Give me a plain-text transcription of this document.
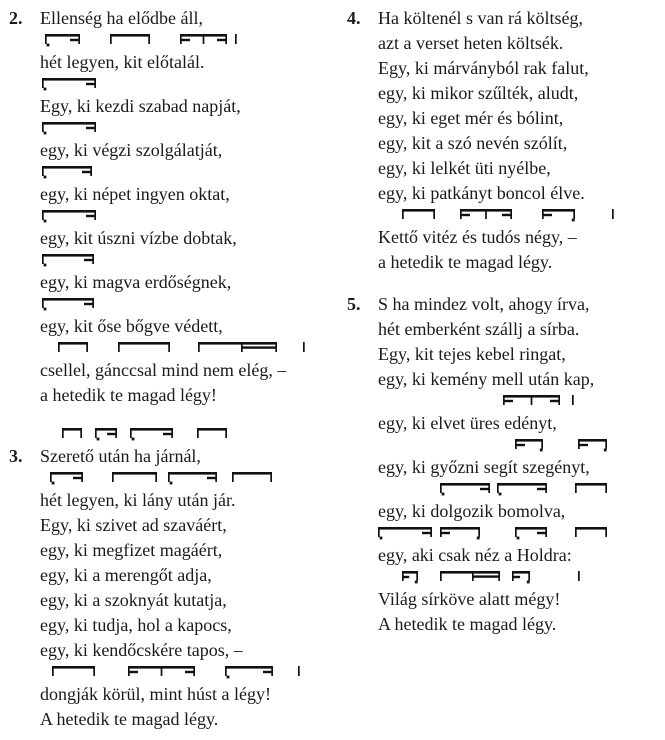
Ellenség ha elődbe áll,
2.
hét legyen, kit előtalál.
Egy, ki kezdi szabad napját,
egy, ki végzi szolgálatját,
egy, ki népet ingyen oktat,
egy, kit úszni vízbe dobtak,
egy, ki magva erdőségnek,
egy, kit őse bőgve védett,
csellel, gánccsal mind nem elég, –
a hetedik te magad légy!
Szerető után ha járnál,
3.
hét legyen, ki lány után jár.
Egy, ki szivet ad szaváért,
egy, ki megfizet magáért,
egy, ki a merengőt adja,
egy, ki a szoknyát kutatja,
egy, ki tudja, hol a kapocs,
egy, ki kendőcskére tapos, –
dongják körül, mint húst a légy!
A hetedik te magad légy.
Ha költenél s van rá költség,
4.
azt a verset heten költsék.
Egy, ki márványból rak falut,
egy, ki mikor szűlték, aludt,
egy, ki eget mér és bólint,
egy, kit a szó nevén szólít,
egy, ki lelkét üti nyélbe,
egy, ki patkányt boncol élve.
Kettő vitéz és tudós négy, –
a hetedik te magad légy.
S ha mindez volt, ahogy írva,
5.
hét emberként szállj a sírba.
Egy, kit tejes kebel ringat,
egy, ki kemény mell után kap,
egy, ki elvet üres edényt,
egy, ki győzni segít szegényt,
egy, ki dolgozik bomolva,
egy, aki csak néz a Holdra:
Világ sírköve alatt mégy!
A hetedik te magad légy.
